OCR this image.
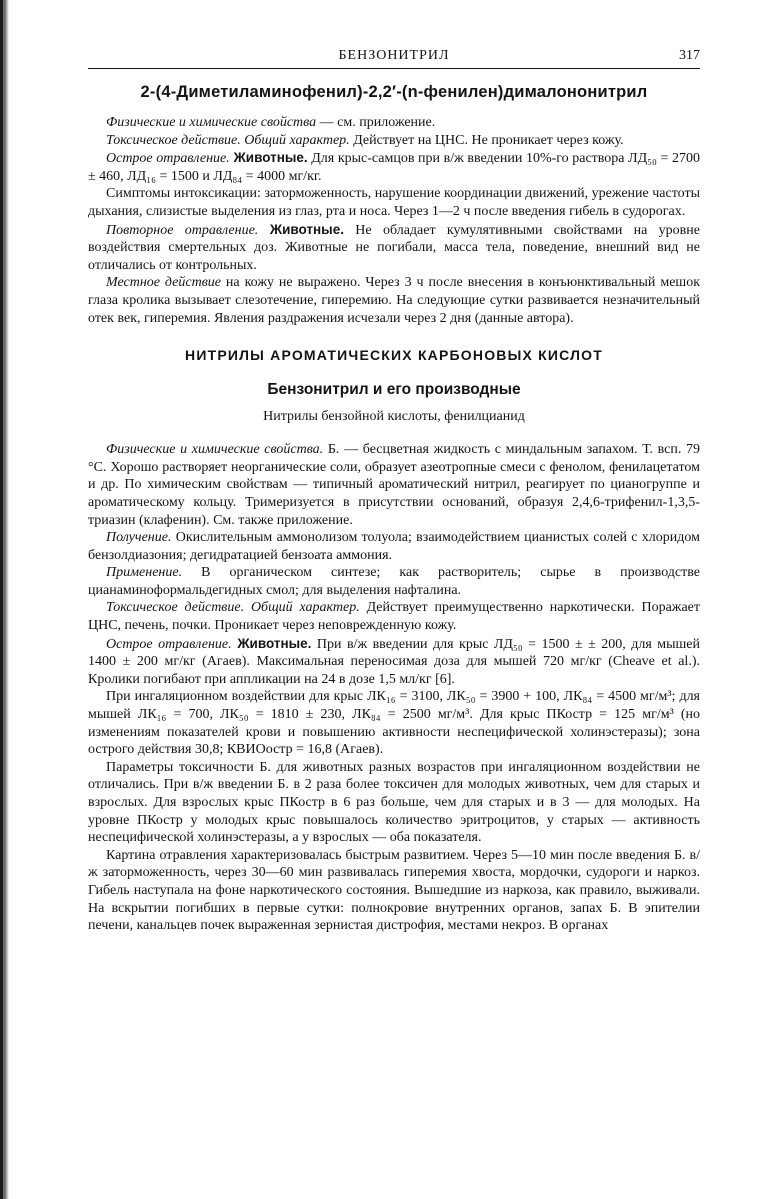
БЕНЗОНИТРИЛ	317
2-(4-Диметиламинофенил)-2,2′-(n-фенилен)дималононитрил

Физические и химические свойства — см. приложение.

Токсическое действие. Общий характер. Действует на ЦНС. Не проникает через кожу.

Острое отравление. Животные. Для крыс-самцов при в/ж введении 10%-го раствора ЛД₅₀ = 2700 ± 460, ЛД₁₆ = 1500 и ЛД₈₄ = 4000 мг/кг.

Симптомы интоксикации: заторможенность, нарушение координации движений, урежение частоты дыхания, слизистые выделения из глаз, рта и носа. Через 1—2 ч после введения гибель в судорогах.

Повторное отравление. Животные. Не обладает кумулятивными свойствами на уровне воздействия смертельных доз. Животные не погибали, масса тела, поведение, внешний вид не отличались от контрольных.

Местное действие на кожу не выражено. Через 3 ч после внесения в конъюнктивальный мешок глаза кролика вызывает слезотечение, гиперемию. На следующие сутки развивается незначительный отек век, гиперемия. Явления раздражения исчезали через 2 дня (данные автора).

НИТРИЛЫ АРОМАТИЧЕСКИХ КАРБОНОВЫХ КИСЛОТ
Бензонитрил и его производные
Нитрилы бензойной кислоты, фенилцианид

Физические и химические свойства. Б. — бесцветная жидкость с миндальным запахом. Т. всп. 79 °С. Хорошо растворяет неорганические соли, образует азеотропные смеси с фенолом, фенилацетатом и др. По химическим свойствам — типичный ароматический нитрил, реагирует по цианогруппе и ароматическому кольцу. Тримеризуется в присутствии оснований, образуя 2,4,6-трифенил-1,3,5-триазин (клафенин). См. также приложение.

Получение. Окислительным аммонолизом толуола; взаимодействием цианистых солей с хлоридом бензолдиазония; дегидратацией бензоата аммония.

Применение. В органическом синтезе; как растворитель; сырье в производстве цианаминоформальдегидных смол; для выделения нафталина.

Токсическое действие. Общий характер. Действует преимущественно наркотически. Поражает ЦНС, печень, почки. Проникает через неповрежденную кожу.

Острое отравление. Животные. При в/ж введении для крыс ЛД₅₀ = 1500 ± ± 200, для мышей 1400 ± 200 мг/кг (Агаев). Максимальная переносимая доза для мышей 720 мг/кг (Cheave et al.). Кролики погибают при аппликации на 24 в дозе 1,5 мл/кг [6].

При ингаляционном воздействии для крыс ЛК₁₆ = 3100, ЛК₅₀ = 3900 + 100, ЛК₈₄ = 4500 мг/м³; для мышей ЛК₁₆ = 700, ЛК₅₀ = 1810 ± 230, ЛК₈₄ = 2500 мг/м³. Для крыс ПКостр = 125 мг/м³ (но изменениям показателей крови и повышению активности неспецифической холинэстеразы); зона острого действия 30,8; КВИОостр = 16,8 (Агаев).

Параметры токсичности Б. для животных разных возрастов при ингаляционном воздействии не отличались. При в/ж введении Б. в 2 раза более токсичен для молодых животных, чем для старых и взрослых. Для взрослых крыс ПКостр в 6 раз больше, чем для старых и в 3 — для молодых. На уровне ПКостр у молодых крыс повышалось количество эритроцитов, у старых — активность неспецифической холинэстеразы, а у взрослых — оба показателя.

Картина отравления характеризовалась быстрым развитием. Через 5—10 мин после введения Б. в/ж заторможенность, через 30—60 мин развивалась гиперемия хвоста, мордочки, судороги и наркоз. Гибель наступала на фоне наркотического состояния. Вышедшие из наркоза, как правило, выживали. На вскрытии погибших в первые сутки: полнокровие внутренних органов, запах Б. В эпителии печени, канальцев почек выраженная зернистая дистрофия, местами некроз. В органах
